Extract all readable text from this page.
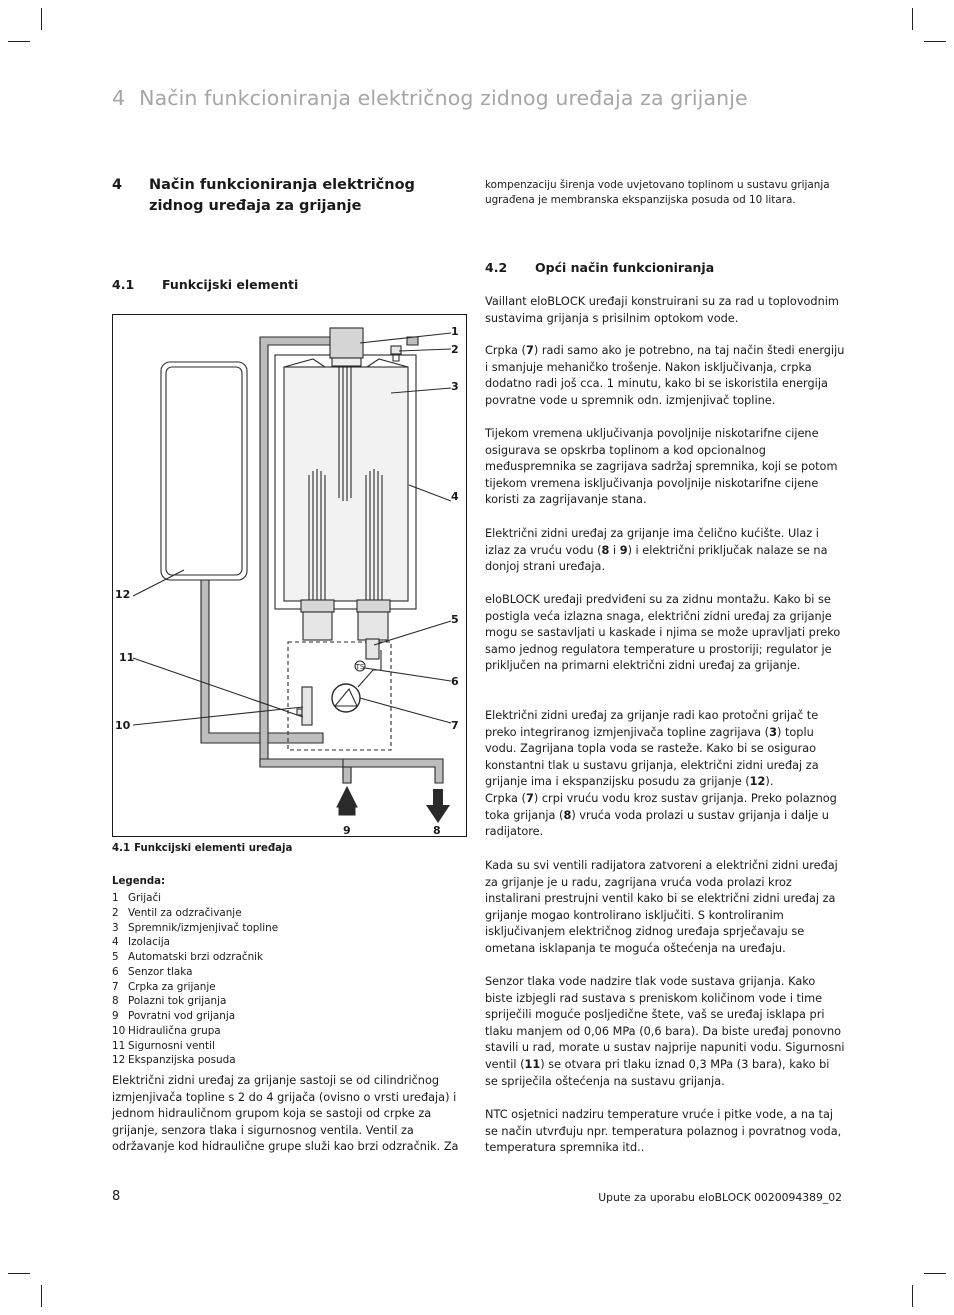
4 Način funkcioniranja električnog zidnog uređaja za grijanje
4 Način funkcioniranja električnog zidnog uređaja za grijanje
4.1 Funkcijski elementi
TS
1
2
3
4
5
6
7
8
9
10
11
12
4.1 Funkcijski elementi uređaja
Legenda:
1 Grijači
2 Ventil za odzračivanje
3 Spremnik/izmjenjivač topline
4 Izolacija
5 Automatski brzi odzračnik
6 Senzor tlaka
7 Crpka za grijanje
8 Polazni tok grijanja
9 Povratni vod grijanja
10 Hidraulična grupa
11 Sigurnosni ventil
12 Ekspanzijska posuda

Električni zidni uređaj za grijanje sastoji se od cilindričnog izmjenjivača topline s 2 do 4 grijača (ovisno o vrsti uređaja) i jednom hidrauličnom grupom koja se sastoji od crpke za grijanje, senzora tlaka i sigurnosnog ventila. Ventil za održavanje kod hidraulične grupe služi kao brzi odzračnik. Za

kompenzaciju širenja vode uvjetovano toplinom u sustavu grijanja ugrađena je membranska ekspanzijska posuda od 10 litara.

4.2 Opći način funkcioniranja

Vaillant eloBLOCK uređaji konstruirani su za rad u toplovodnim sustavima grijanja s prisilnim optokom vode.

Crpka (7) radi samo ako je potrebno, na taj način štedi energiju i smanjuje mehaničko trošenje. Nakon isključivanja, crpka dodatno radi još cca. 1 minutu, kako bi se iskoristila energija povratne vode u spremnik odn. izmjenjivač topline.

Tijekom vremena uključivanja povoljnije niskotarifne cijene osigurava se opskrba toplinom a kod opcionalnog međuspremnika se zagrijava sadržaj spremnika, koji se potom tijekom vremena isključivanja povoljnije niskotarifne cijene koristi za zagrijavanje stana.

Električni zidni uređaj za grijanje ima čelično kućište. Ulaz i izlaz za vruću vodu (8 i 9) i električni priključak nalaze se na donjoj strani uređaja.

eloBLOCK uređaji predviđeni su za zidnu montažu. Kako bi se postigla veća izlazna snaga, električni zidni uređaj za grijanje mogu se sastavljati u kaskade i njima se može upravljati preko samo jednog regulatora temperature u prostoriji; regulator je priključen na primarni električni zidni uređaj za grijanje.

Električni zidni uređaj za grijanje radi kao protočni grijač te preko integriranog izmjenjivača topline zagrijava (3) toplu vodu. Zagrijana topla voda se rasteže. Kako bi se osigurao konstantni tlak u sustavu grijanja, električni zidni uređaj za grijanje ima i ekspanzijsku posudu za grijanje (12).
Crpka (7) crpi vruću vodu kroz sustav grijanja. Preko polaznog toka grijanja (8) vruća voda prolazi u sustav grijanja i dalje u radijatore.

Kada su svi ventili radijatora zatvoreni a električni zidni uređaj za grijanje je u radu, zagrijana vruća voda prolazi kroz instalirani prestrujni ventil kako bi se električni zidni uređaj za grijanje mogao kontrolirano isključiti. S kontroliranim isključivanjem električnog zidnog uređaja sprječavaju se ometana isklapanja te moguća oštećenja na uređaju.

Senzor tlaka vode nadzire tlak vode sustava grijanja. Kako biste izbjegli rad sustava s preniskom količinom vode i time spriječili moguće posljedične štete, vaš se uređaj isklapa pri tlaku manjem od 0,06 MPa (0,6 bara). Da biste uređaj ponovno stavili u rad, morate u sustav najprije napuniti vodu. Sigurnosni ventil (11) se otvara pri tlaku iznad 0,3 MPa (3 bara), kako bi se spriječila oštećenja na sustavu grijanja.

NTC osjetnici nadziru temperature vruće i pitke vode, a na taj se način utvrđuju npr. temperatura polaznog i povratnog voda, temperatura spremnika itd..

8	Upute za uporabu eloBLOCK 0020094389_02
